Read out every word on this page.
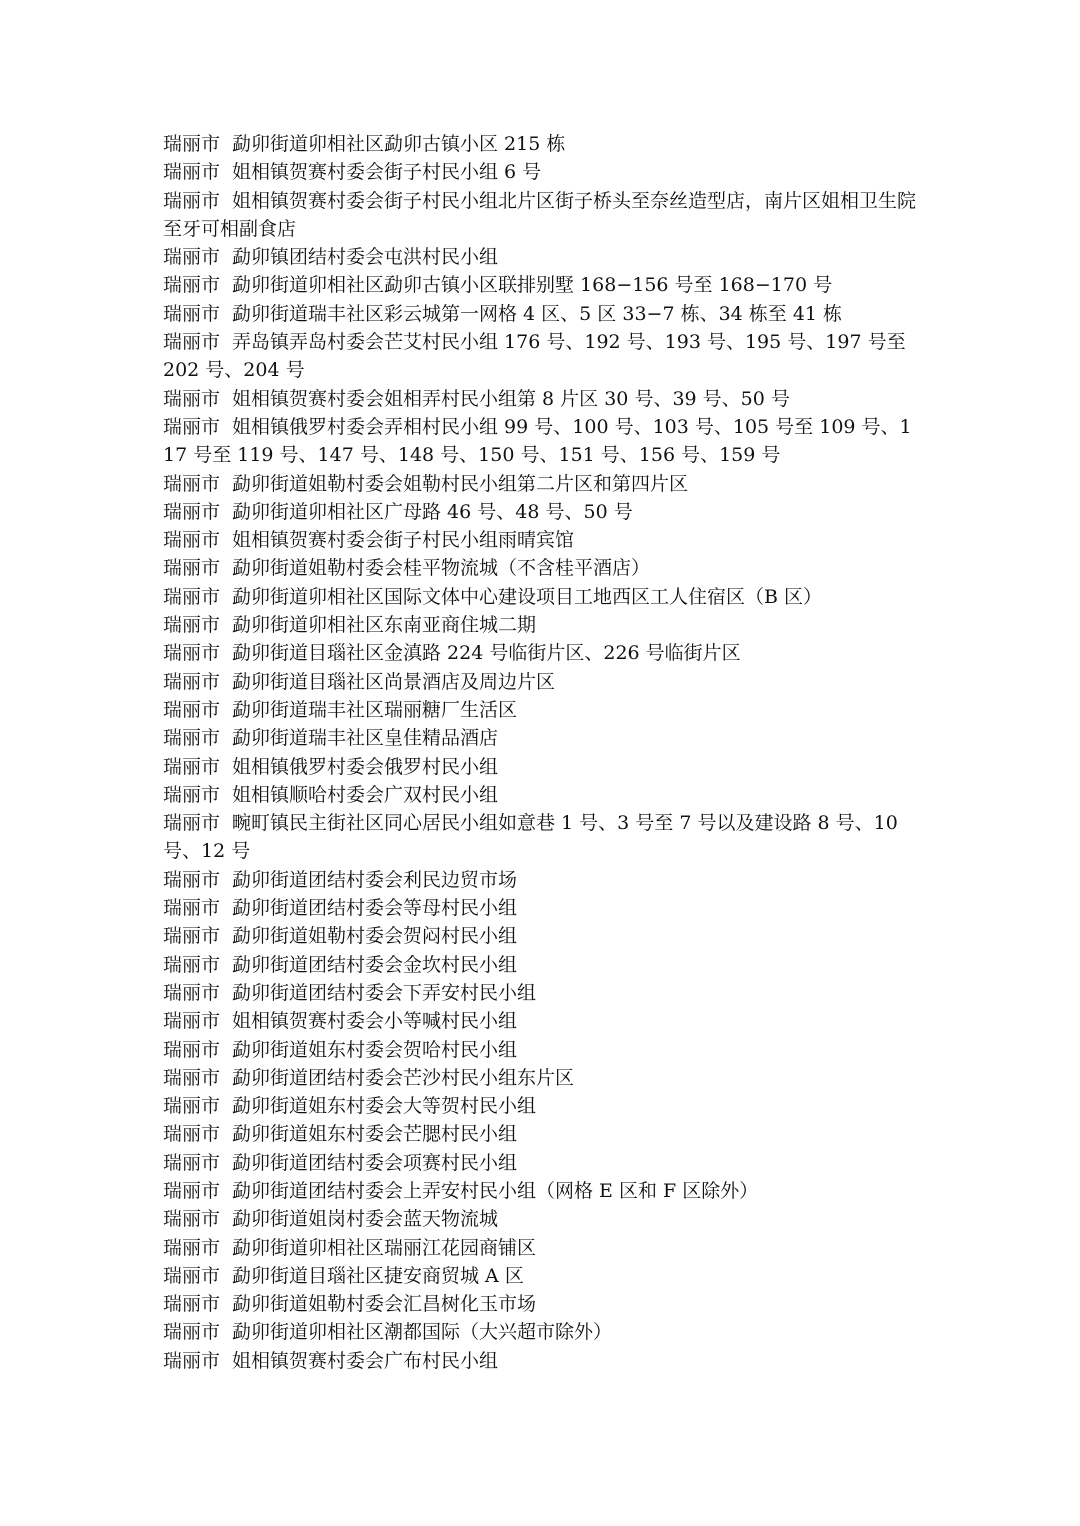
瑞丽市 勐卯街道卯相社区勐卯古镇小区 215 栋

瑞丽市 姐相镇贺赛村委会街子村民小组 6 号

瑞丽市 姐相镇贺赛村委会街子村民小组北片区街子桥头至奈丝造型店，南片区姐相卫生院至牙可相副食店

瑞丽市 勐卯镇团结村委会屯洪村民小组

瑞丽市 勐卯街道卯相社区勐卯古镇小区联排别墅 168−156 号至 168−170 号

瑞丽市 勐卯街道瑞丰社区彩云城第一网格 4 区、5 区 33−7 栋、34 栋至 41 栋

瑞丽市 弄岛镇弄岛村委会芒艾村民小组 176 号、192 号、193 号、195 号、197 号至 202 号、204 号

瑞丽市 姐相镇贺赛村委会姐相弄村民小组第 8 片区 30 号、39 号、50 号

瑞丽市 姐相镇俄罗村委会弄相村民小组 99 号、100 号、103 号、105 号至 109 号、117 号至 119 号、147 号、148 号、150 号、151 号、156 号、159 号

瑞丽市 勐卯街道姐勒村委会姐勒村民小组第二片区和第四片区

瑞丽市 勐卯街道卯相社区广母路 46 号、48 号、50 号

瑞丽市 姐相镇贺赛村委会街子村民小组雨晴宾馆

瑞丽市 勐卯街道姐勒村委会桂平物流城（不含桂平酒店）

瑞丽市 勐卯街道卯相社区国际文体中心建设项目工地西区工人住宿区（B 区）

瑞丽市 勐卯街道卯相社区东南亚商住城二期

瑞丽市 勐卯街道目瑙社区金滇路 224 号临街片区、226 号临街片区

瑞丽市 勐卯街道目瑙社区尚景酒店及周边片区

瑞丽市 勐卯街道瑞丰社区瑞丽糖厂生活区

瑞丽市 勐卯街道瑞丰社区皇佳精品酒店

瑞丽市 姐相镇俄罗村委会俄罗村民小组

瑞丽市 姐相镇顺哈村委会广双村民小组

瑞丽市 畹町镇民主街社区同心居民小组如意巷 1 号、3 号至 7 号以及建设路 8 号、10 号、12 号

瑞丽市 勐卯街道团结村委会利民边贸市场

瑞丽市 勐卯街道团结村委会等母村民小组

瑞丽市 勐卯街道姐勒村委会贺闷村民小组

瑞丽市 勐卯街道团结村委会金坎村民小组

瑞丽市 勐卯街道团结村委会下弄安村民小组

瑞丽市 姐相镇贺赛村委会小等喊村民小组

瑞丽市 勐卯街道姐东村委会贺哈村民小组

瑞丽市 勐卯街道团结村委会芒沙村民小组东片区

瑞丽市 勐卯街道姐东村委会大等贺村民小组

瑞丽市 勐卯街道姐东村委会芒腮村民小组

瑞丽市 勐卯街道团结村委会项赛村民小组

瑞丽市 勐卯街道团结村委会上弄安村民小组（网格 E 区和 F 区除外）

瑞丽市 勐卯街道姐岗村委会蓝天物流城

瑞丽市 勐卯街道卯相社区瑞丽江花园商铺区

瑞丽市 勐卯街道目瑙社区捷安商贸城 A 区

瑞丽市 勐卯街道姐勒村委会汇昌树化玉市场

瑞丽市 勐卯街道卯相社区潮都国际（大兴超市除外）

瑞丽市 姐相镇贺赛村委会广布村民小组
